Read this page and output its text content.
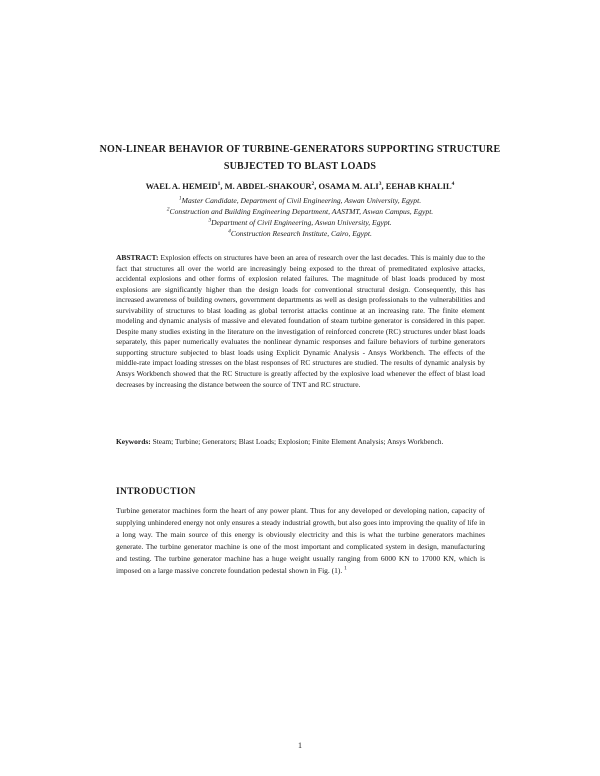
NON-LINEAR BEHAVIOR OF TURBINE-GENERATORS SUPPORTING STRUCTURE SUBJECTED TO BLAST LOADS
WAEL A. HEMEID$^1$, M. ABDEL-SHAKOUR$^2$, OSAMA M. ALI$^3$, EEHAB KHALIL$^4$
$^1$Master Candidate, Department of Civil Engineering, Aswan University, Egypt.
$^2$Construction and Building Engineering Department, AASTMT, Aswan Campus, Egypt.
$^3$Department of Civil Engineering, Aswan University, Egypt.
$^4$Construction Research Institute, Cairo, Egypt.
ABSTRACT: Explosion effects on structures have been an area of research over the last decades. This is mainly due to the fact that structures all over the world are increasingly being exposed to the threat of premeditated explosive attacks, accidental explosions and other forms of explosion related failures. The magnitude of blast loads produced by most explosions are significantly higher than the design loads for conventional structural design. Consequently, this has increased awareness of building owners, government departments as well as design professionals to the vulnerabilities and survivability of structures to blast loading as global terrorist attacks continue at an increasing rate. The finite element modeling and dynamic analysis of massive and elevated foundation of steam turbine generator is considered in this paper. Despite many studies existing in the literature on the investigation of reinforced concrete (RC) structures under blast loads separately, this paper numerically evaluates the nonlinear dynamic responses and failure behaviors of turbine generators supporting structure subjected to blast loads using Explicit Dynamic Analysis - Ansys Workbench. The effects of the middle-rate impact loading stresses on the blast responses of RC structures are studied. The results of dynamic analysis by Ansys Workbench showed that the RC Structure is greatly affected by the explosive load whenever the effect of blast load decreases by increasing the distance between the source of TNT and RC structure.
Keywords: Steam; Turbine; Generators; Blast Loads; Explosion; Finite Element Analysis; Ansys Workbench.
INTRODUCTION
Turbine generator machines form the heart of any power plant. Thus for any developed or developing nation, capacity of supplying unhindered energy not only ensures a steady industrial growth, but also goes into improving the quality of life in a long way. The main source of this energy is obviously electricity and this is what the turbine generators machines generate. The turbine generator machine is one of the most important and complicated system in design, manufacturing and testing. The turbine generator machine has a huge weight usually ranging from 6000 KN to 17000 KN, which is imposed on a large massive concrete foundation pedestal shown in Fig. (1). $^1$
1
